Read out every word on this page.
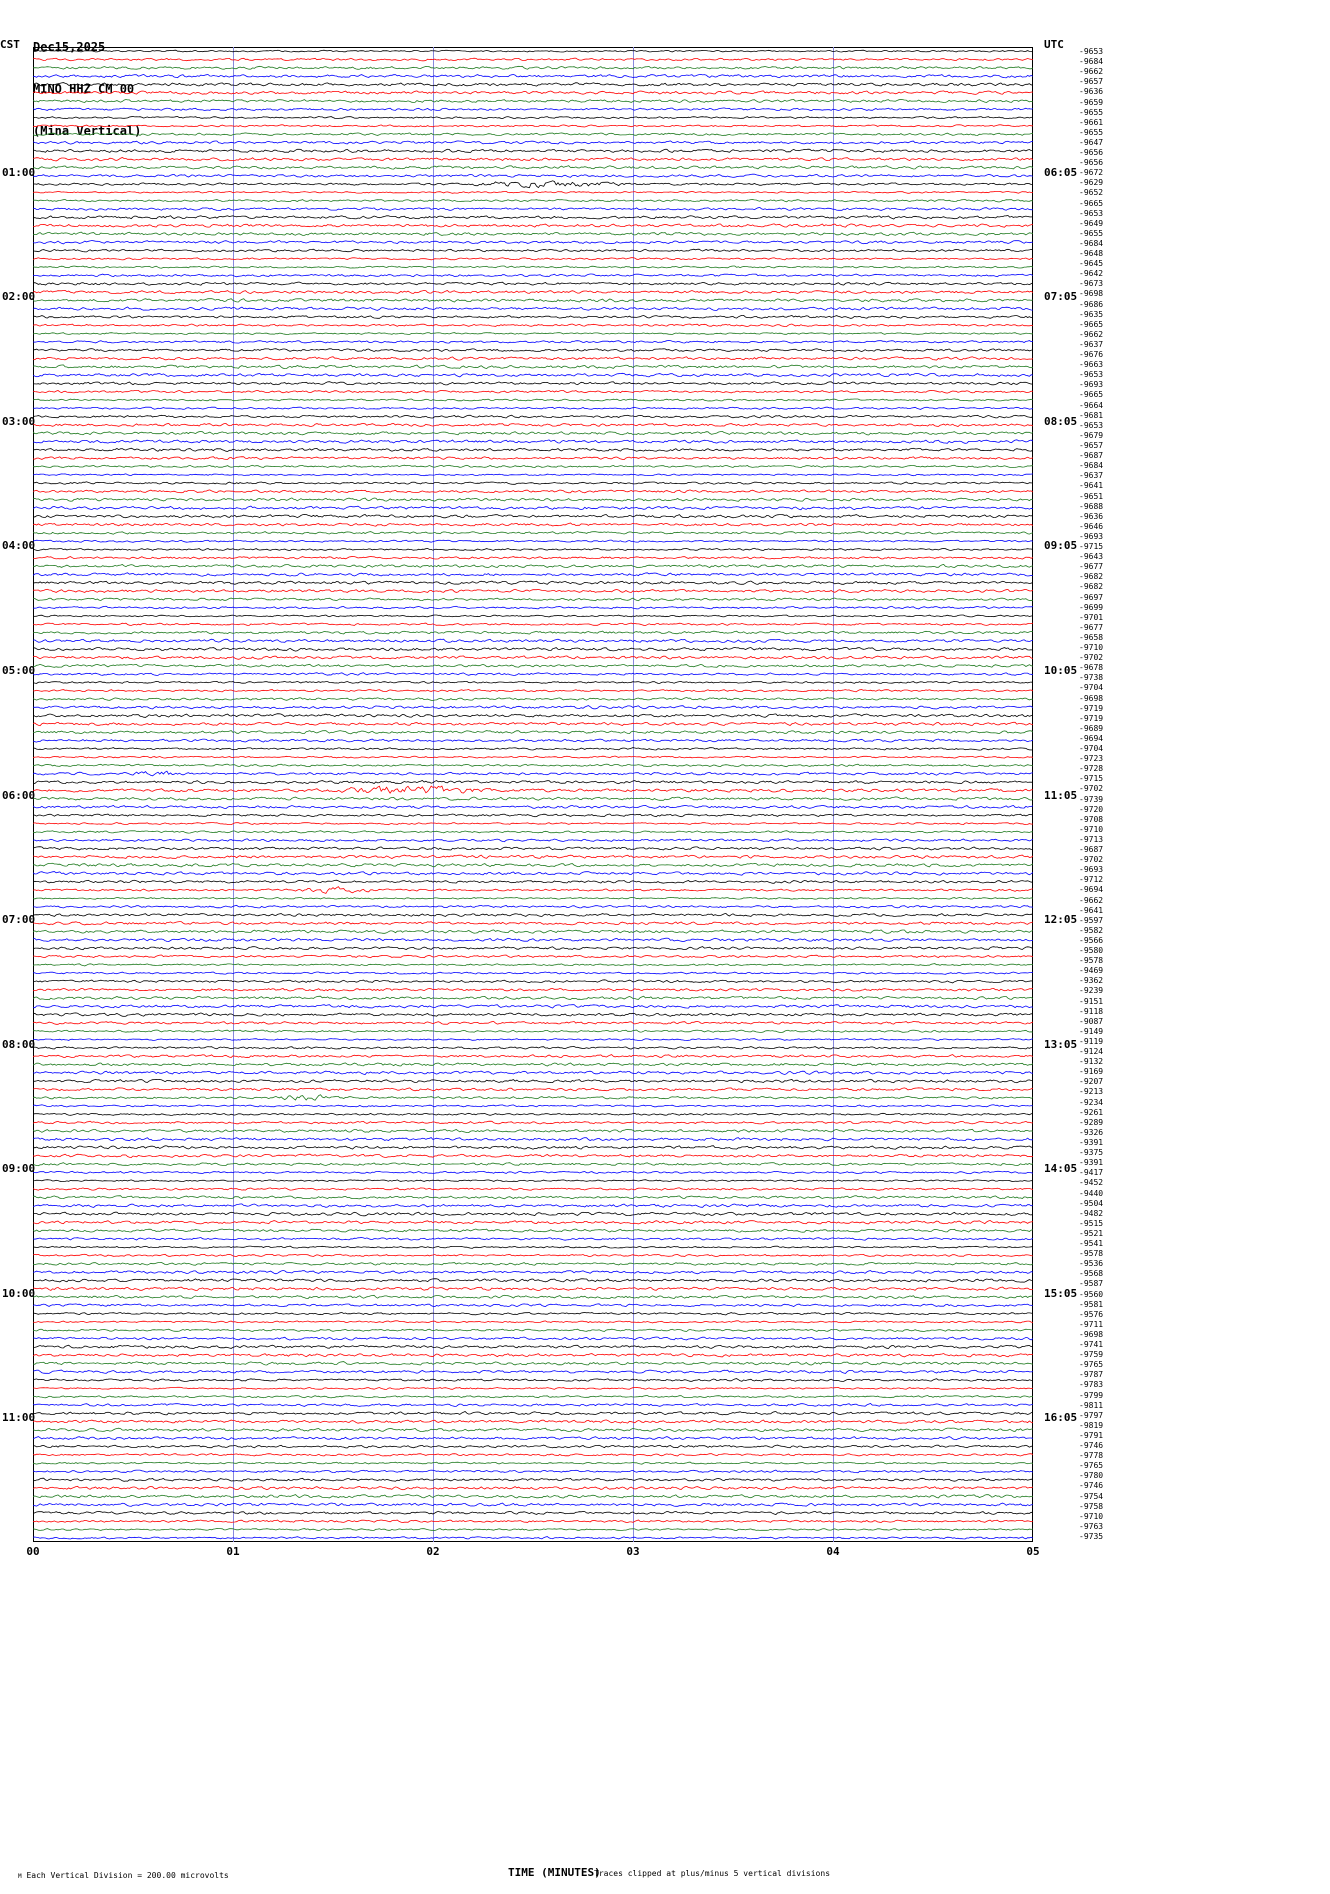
Dec15,2025

MINO HHZ CM 00

(Mina Vertical)

CST	UTC
01:00	06:05
02:00	07:05
03:00	08:05
04:00	09:05
05:00	10:05
06:00	11:05
07:00	12:05
08:00	13:05
09:00	14:05
10:00	15:05
11:00	16:05
-9653
-9684
-9662
-9657
-9636
-9659
-9655
-9661
-9655
-9647
-9656
-9656
-9672
-9629
-9652
-9665
-9653
-9649
-9655
-9684
-9648
-9645
-9642
-9673
-9698
-9686
-9635
-9665
-9662
-9637
-9676
-9663
-9653
-9693
-9665
-9664
-9681
-9653
-9679
-9657
-9687
-9684
-9637
-9641
-9651
-9688
-9636
-9646
-9693
-9715
-9643
-9677
-9682
-9682
-9697
-9699
-9701
-9677
-9658
-9710
-9702
-9678
-9738
-9704
-9698
-9719
-9719
-9689
-9694
-9704
-9723
-9728
-9715
-9702
-9739
-9720
-9708
-9710
-9713
-9687
-9702
-9693
-9712
-9694
-9662
-9641
-9597
-9582
-9566
-9580
-9578
-9469
-9362
-9239
-9151
-9118
-9087
-9149
-9119
-9124
-9132
-9169
-9207
-9213
-9234
-9261
-9289
-9326
-9391
-9375
-9391
-9417
-9452
-9440
-9504
-9482
-9515
-9521
-9541
-9578
-9536
-9568
-9587
-9560
-9581
-9576
-9711
-9698
-9741
-9759
-9765
-9787
-9783
-9799
-9811
-9797
-9819
-9791
-9746
-9778
-9765
-9780
-9746
-9754
-9758
-9710
-9763
-9735
00	01	02	03	04	05
M Each Vertical Division = 200.00 microvolts	TIME (MINUTES)
Traces clipped at plus/minus 5 vertical divisions
